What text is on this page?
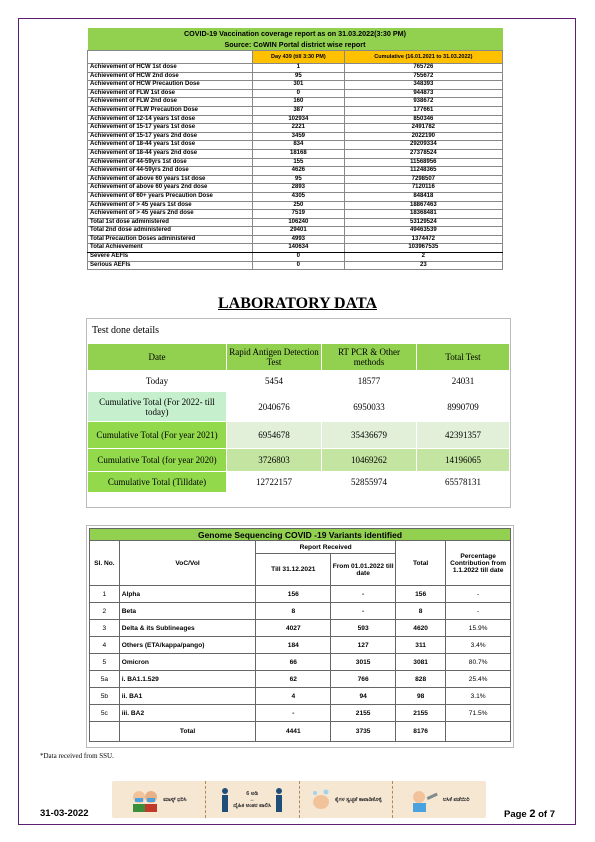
COVID-19 Vaccination coverage report as on 31.03.2022(3:30 PM)
Source: CoWIN Portal district wise report		

	Day 439 (till 3:30 PM)	Cumulative (16.01.2021 to 31.03.2022)
Achievement of HCW 1st dose	1	765726
Achievement of HCW 2nd dose	95	755672
Achievement of HCW Precaution Dose	301	348393
Achievement of FLW 1st dose	0	944873
Achievement of FLW 2nd dose	160	938672
Achievement of FLW Precaution Dose	387	177661
Achievement of 12-14 years 1st dose	102934	850346
Achievement of 15-17 years 1st dose	2221	2491782
Achievement of 15-17 years 2nd dose	3459	2022190
Achievement of 18-44 years 1st dose	834	29209334
Achievement of 18-44 years 2nd dose	18168	27378524
Achievement of 44-59yrs 1st dose	155	11568956
Achievement of 44-59yrs 2nd dose	4626	11248365
Achievement of above 60 years 1st dose	95	7298507
Achievement of above 60 years 2nd dose	2893	7120116
Achievement of 60+ years Precaution Dose	4305	848418
Achievement of > 45 years 1st dose	250	18867463
Achievement of > 45 years 2nd dose	7519	18368481
Total 1st dose administered	106240	53129524
Total 2nd dose administered	29401	49463539
Total Precaution Doses administered	4993	1374472
Total Achievement	140634	103967535
Severe AEFIs	0	2
Serious AEFIs	0	23
LABORATORY DATA
Test done details
Date	Rapid Antigen Detection Test	RT PCR & Other methods	Total Test
Today	5454	18577	24031
Cumulative Total (For 2022- till today)	2040676	6950033	8990709
Cumulative Total (For year 2021)	6954678	35436679	42391357
Cumulative Total (for year 2020)	3726803	10469262	14196065
Cumulative Total (Tilldate)	12722157	52855974	65578131
Genome Sequencing COVID -19 Variants identified					
Sl. No.	VoC/VoI	Report Received		Total	Percentage Contribution from 1.1.2022 till date
		Till 31.12.2021	From 01.01.2022 till date		
1	Alpha	156	-	156	-
2	Beta	8	-	8	-
3	Delta & its Sublineages	4027	593	4620	15.9%
4	Others (ETA/kappa/pango)	184	127	311	3.4%
5	Omicron	66	3015	3081	80.7%
5a	i. BA1.1.529	62	766	828	25.4%
5b	ii. BA1	4	94	98	3.1%
5c	iii. BA2	-	2155	2155	71.5%
	Total	4441	3735	8176	
*Data received from SSU.
ಮಾಸ್ಕ್ ಧರಿಸಿ
6 ಅಡಿ
↔
ದೈಹಿಕ ಅಂತರ ಪಾಲಿಸಿ
ಕೈಗಳ ಸ್ವಚ್ಛತೆ ಕಾಪಾಡಿಕೊಳ್ಳಿ	ಲಸಿಕೆ ಪಡೆಯಿರಿ
31-03-2022	Page 2 of 7
